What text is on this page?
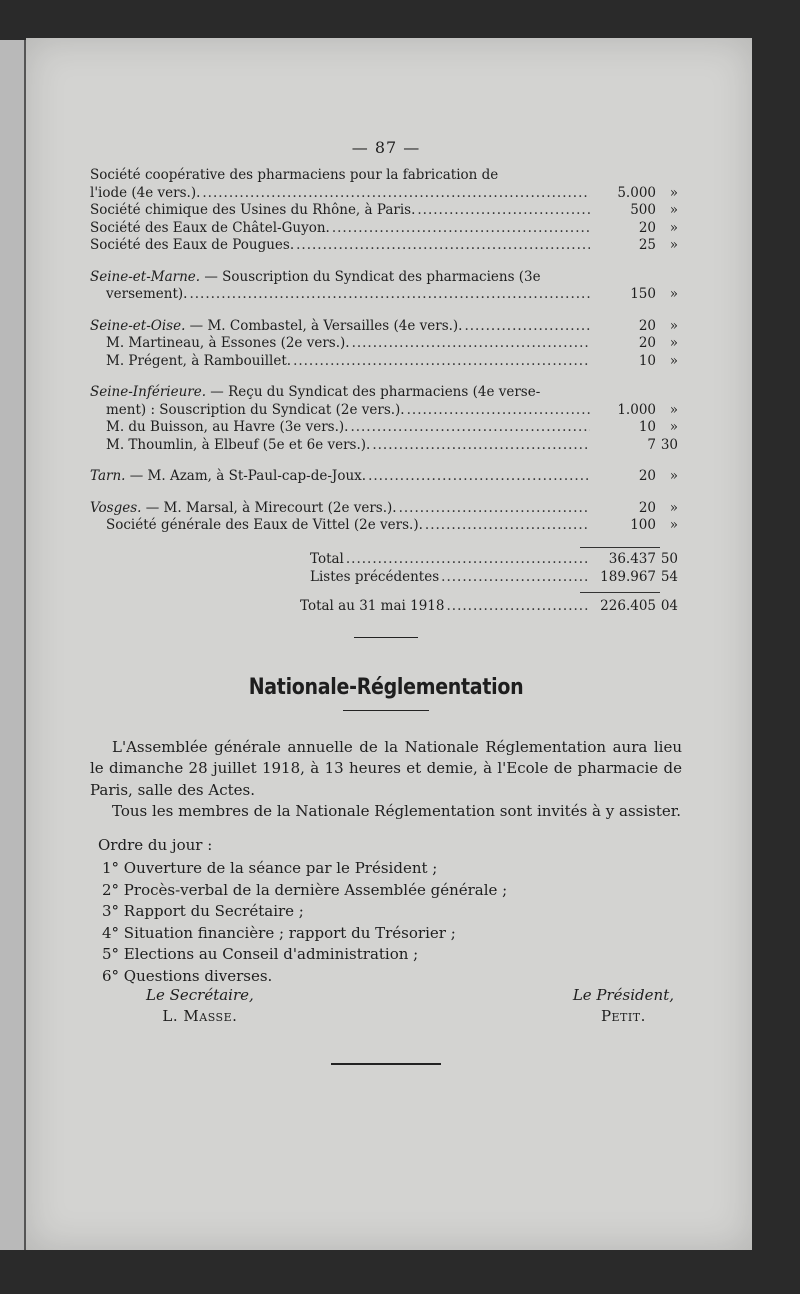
— 87 —
Société coopérative des pharmaciens pour la fabrication de
l'iode (4e vers.). .....	5.000	»
Société chimique des Usines du Rhône, à Paris. .....	500	»
Société des Eaux de Châtel-Guyon. .....	20	»
Société des Eaux de Pougues. .....	25	»
Seine-et-Marne. — Souscription du Syndicat des pharmaciens (3e
versement). .....	150	»
Seine-et-Oise. — M. Combastel, à Versailles (4e vers.). .....	20	»
M. Martineau, à Essones (2e vers.). .....	20	»
M. Prégent, à Rambouillet. .....	10	»
Seine-Inférieure. — Reçu du Syndicat des pharmaciens (4e verse-
ment) : Souscription du Syndicat (2e vers.). .....	1.000	»
M. du Buisson, au Havre (3e vers.). .....	10	»
M. Thoumlin, à Elbeuf (5e et 6e vers.). .....	7 30
Tarn. — M. Azam, à St-Paul-cap-de-Joux. .....	20	»
Vosges. — M. Marsal, à Mirecourt (2e vers.). .....	20	»
Société générale des Eaux de Vittel (2e vers.). .....	100	»
Total .....	36.437 50
Listes précédentes .....	189.967 54
Total au 31 mai 1918 .....	226.405 04
Nationale-Réglementation

L'Assemblée générale annuelle de la Nationale Réglementation aura lieu le dimanche 28 juillet 1918, à 13 heures et demie, à l'Ecole de pharmacie de Paris, salle des Actes.

Tous les membres de la Nationale Réglementation sont invités à y assister.

Ordre du jour :
1° Ouverture de la séance par le Président ;
2° Procès-verbal de la dernière Assemblée générale ;
3° Rapport du Secrétaire ;
4° Situation financière ; rapport du Trésorier ;
5° Elections au Conseil d'administration ;
6° Questions diverses.
Le Secrétaire,
L. Masse.
Le Président,
Petit.
